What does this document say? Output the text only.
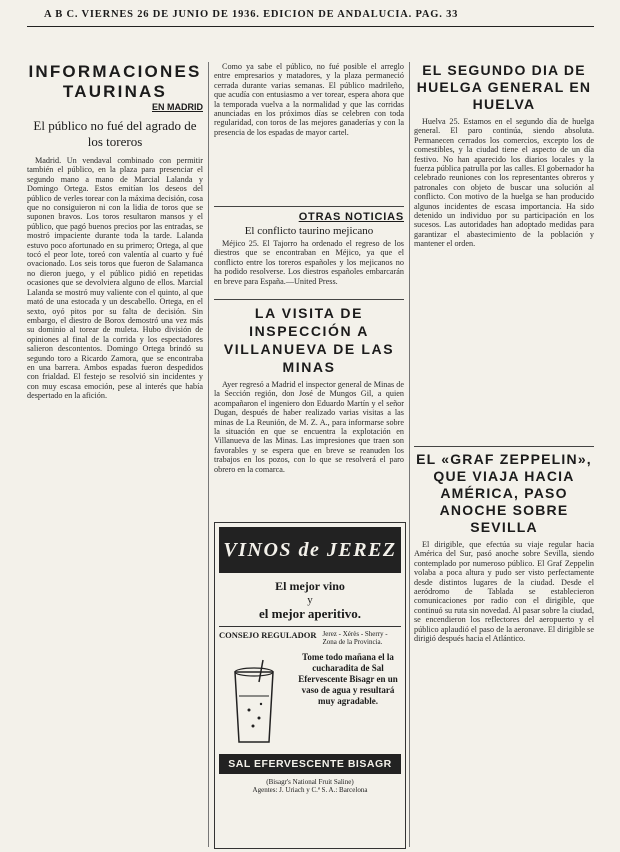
A B C. VIERNES 26 DE JUNIO DE 1936. EDICION DE ANDALUCIA. PAG. 33
INFORMACIONES TAURINAS
EN MADRID
El público no fué del agrado de los toreros

Madrid. Un vendaval combinado con permitir también el público, en la plaza para presenciar el segundo mano a mano de Marcial Lalanda y Domingo Ortega. Estos emitían los deseos del público de verles torear con la máxima decisión, cosa que no consiguieron ni con la lidia de toros que se suponen bravos. Los toros resultaron mansos y el público, que pagó buenos precios por las entradas, se mostró impaciente durante toda la tarde. Lalanda estuvo poco afortunado en su primero; Ortega, al que tocó el peor lote, toreó con valentía al cuarto y fué ovacionado. Los seis toros que fueron de Salamanca no dieron juego, y el público pidió en repetidas ocasiones que se devolviera alguno de ellos. Marcial Lalanda se mostró muy valiente con el quinto, al que mató de una estocada y un descabello. Ortega, en el sexto, oyó pitos por su falta de decisión. Sin embargo, el diestro de Borox demostró una vez más su dominio al torear de muleta. Hubo división de opiniones al final de la corrida y los espectadores salieron descontentos. Domingo Ortega brindó su segundo toro a Ricardo Zamora, que se encontraba en una barrera. Ambos espadas fueron despedidos con frialdad. El festejo se resolvió sin incidentes y con muy escasa emoción, pese al interés que había despertado en la afición.

Como ya sabe el público, no fué posible el arreglo entre empresarios y matadores, y la plaza permaneció cerrada durante varias semanas. El público madrileño, que acudía con entusiasmo a ver torear, espera ahora que la temporada vuelva a la normalidad y que las corridas anunciadas en los próximos días se celebren con toda regularidad, con toros de las mejores ganaderías y con la presencia de los espadas de mayor cartel.

OTRAS NOTICIAS
El conflicto taurino mejicano

Méjico 25. El Tajorro ha ordenado el regreso de los diestros que se encontraban en Méjico, ya que el conflicto entre los toreros españoles y los mejicanos no ha podido resolverse. Los diestros españoles embarcarán en breve para España.—United Press.

LA VISITA DE INSPECCIÓN A VILLANUEVA DE LAS MINAS

Ayer regresó a Madrid el inspector general de Minas de la Sección región, don José de Mungos Gil, a quien acompañaron el ingeniero don Eduardo Martín y el señor Dugan, después de haber realizado varias visitas a las minas de La Reunión, de M. Z. A., para informarse sobre la situación en que se encuentra la explotación en Villanueva de las Minas. Las impresiones que traen son favorables y se espera que en breve se reanuden los trabajos en los pozos, con lo que se resolverá el paro obrero en la comarca.

VINOS de JEREZ
El mejor vino
y
el mejor aperitivo.
CONSEJO REGULADOR Jerez - Xérès - Sherry - Zona de la Provincia.
Tome todo mañana el la cucharadita de Sal Efervescente Bisagr en un vaso de agua y resultará muy agradable.
SAL EFERVESCENTE BISAGR
(Bisagr's National Fruit Saline)
Agentes: J. Uriach y C.ª S. A.: Barcelona
EL SEGUNDO DIA DE HUELGA GENERAL EN HUELVA

Huelva 25. Estamos en el segundo día de huelga general. El paro continúa, siendo absoluta. Permanecen cerrados los comercios, excepto los de comestibles, y la ciudad tiene el aspecto de un día festivo. No han aparecido los diarios locales y la fuerza pública patrulla por las calles. El gobernador ha celebrado reuniones con los representantes obreros y patronales con objeto de buscar una solución al conflicto. Con motivo de la huelga se han producido algunos incidentes de escasa importancia. Ha sido detenido un individuo por su participación en los sucesos. Las autoridades han adoptado medidas para garantizar el abastecimiento de la población y mantener el orden.

EL «GRAF ZEPPELIN», QUE VIAJA HACIA AMÉRICA, PASO ANOCHE SOBRE SEVILLA

El dirigible, que efectúa su viaje regular hacia América del Sur, pasó anoche sobre Sevilla, siendo contemplado por numeroso público. El Graf Zeppelin volaba a poca altura y pudo ser visto perfectamente desde distintos lugares de la ciudad. Desde el aeródromo de Tablada se establecieron comunicaciones por radio con el dirigible, que continuó su ruta sin novedad. Al pasar sobre la ciudad, se encendieron los reflectores del aeropuerto y el público aplaudió el paso de la aeronave. El dirigible se dirigió después hacia el Atlántico.
